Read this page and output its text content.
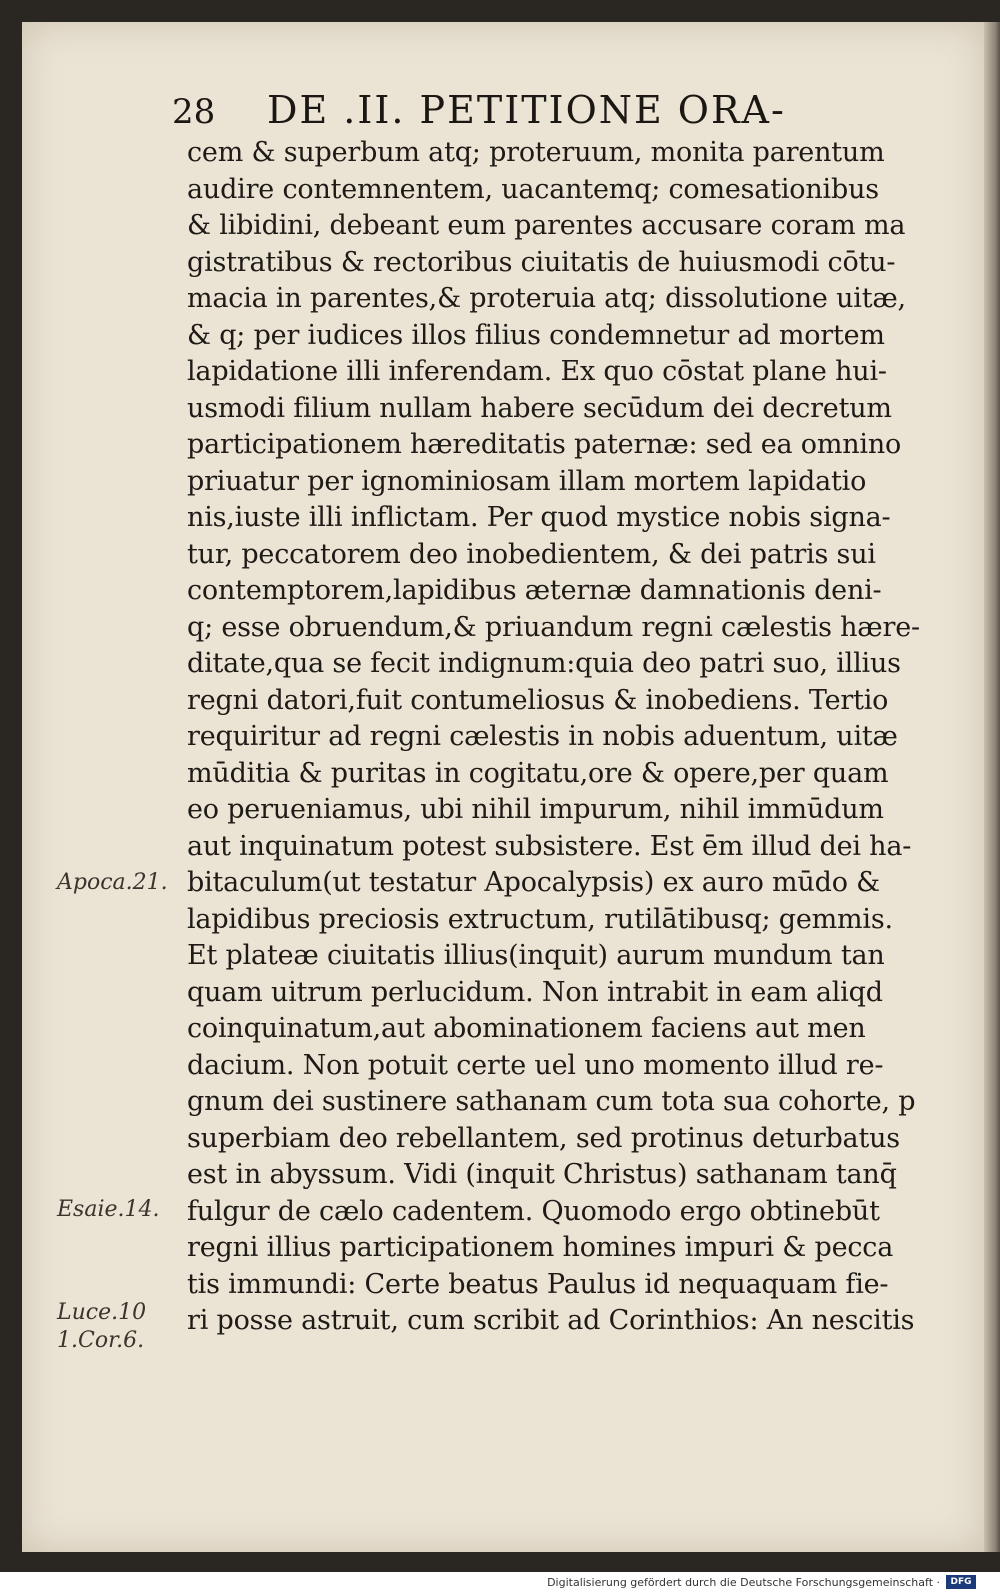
28 DE .II. PETITIONE ORA-
cem & superbum atq; proteruum, monita parentum
audire contemnentem, uacantemq; comesationibus
& libidini, debeant eum parentes accusare coram ma
gistratibus & rectoribus ciuitatis de huiusmodi cōtu-
macia in parentes,& proteruia atq; dissolutione uitæ,
& q; per iudices illos filius condemnetur ad mortem
lapidatione illi inferendam. Ex quo cōstat plane hui-
usmodi filium nullam habere secūdum dei decretum
participationem hæreditatis paternæ: sed ea omnino
priuatur per ignominiosam illam mortem lapidatio
nis,iuste illi inflictam. Per quod mystice nobis signa-
tur, peccatorem deo inobedientem, & dei patris sui
contemptorem,lapidibus æternæ damnationis deni-
q; esse obruendum,& priuandum regni cælestis hære-
ditate,qua se fecit indignum:quia deo patri suo, illius
regni datori,fuit contumeliosus & inobediens. Tertio
requiritur ad regni cælestis in nobis aduentum, uitæ
mūditia & puritas in cogitatu,ore & opere,per quam
eo perueniamus, ubi nihil impurum, nihil immūdum
aut inquinatum potest subsistere. Est ēm illud dei ha-
bitaculum(ut testatur Apocalypsis) ex auro mūdo &
lapidibus preciosis extructum, rutilātibusq; gemmis.
Et plateæ ciuitatis illius(inquit) aurum mundum tan
quam uitrum perlucidum. Non intrabit in eam aliqd
coinquinatum,aut abominationem faciens aut men
dacium. Non potuit certe uel uno momento illud re-
gnum dei sustinere sathanam cum tota sua cohorte, p
superbiam deo rebellantem, sed protinus deturbatus
est in abyssum. Vidi (inquit Christus) sathanam tanq̄
fulgur de cælo cadentem. Quomodo ergo obtinebūt
regni illius participationem homines impuri & pecca
tis immundi: Certe beatus Paulus id nequaquam fie-
ri posse astruit, cum scribit ad Corinthios: An nescitis
Apoca.21.
Esaie.14.
Luce.10
1.Cor.6.
Digitalisierung gefördert durch die Deutsche Forschungsgemeinschaft ·	DFG
